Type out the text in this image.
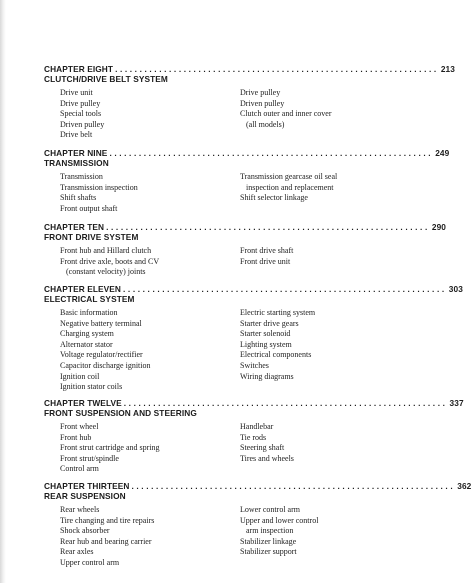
CHAPTER EIGHT .................................................................. 213
CLUTCH/DRIVE BELT SYSTEM
Drive unit
Drive pulley
Special tools
Driven pulley
Drive belt
Drive pulley
Driven pulley
Clutch outer and inner cover
(all models)
CHAPTER NINE .................................................................. 249
TRANSMISSION
Transmission
Transmission inspection
Shift shafts
Front output shaft
Transmission gearcase oil seal
inspection and replacement
Shift selector linkage
CHAPTER TEN .................................................................. 290
FRONT DRIVE SYSTEM
Front hub and Hillard clutch
Front drive axle, boots and CV
(constant velocity) joints
Front drive shaft
Front drive unit
CHAPTER ELEVEN .................................................................. 303
ELECTRICAL SYSTEM
Basic information
Negative battery terminal
Charging system
Alternator stator
Voltage regulator/rectifier
Capacitor discharge ignition
Ignition coil
Ignition stator coils
Electric starting system
Starter drive gears
Starter solenoid
Lighting system
Electrical components
Switches
Wiring diagrams
CHAPTER TWELVE .................................................................. 337
FRONT SUSPENSION AND STEERING
Front wheel
Front hub
Front strut cartridge and spring
Front strut/spindle
Control arm
Handlebar
Tie rods
Steering shaft
Tires and wheels
CHAPTER THIRTEEN .................................................................. 362
REAR SUSPENSION
Rear wheels
Tire changing and tire repairs
Shock absorber
Rear hub and bearing carrier
Rear axles
Upper control arm
Lower control arm
Upper and lower control
arm inspection
Stabilizer linkage
Stabilizer support
